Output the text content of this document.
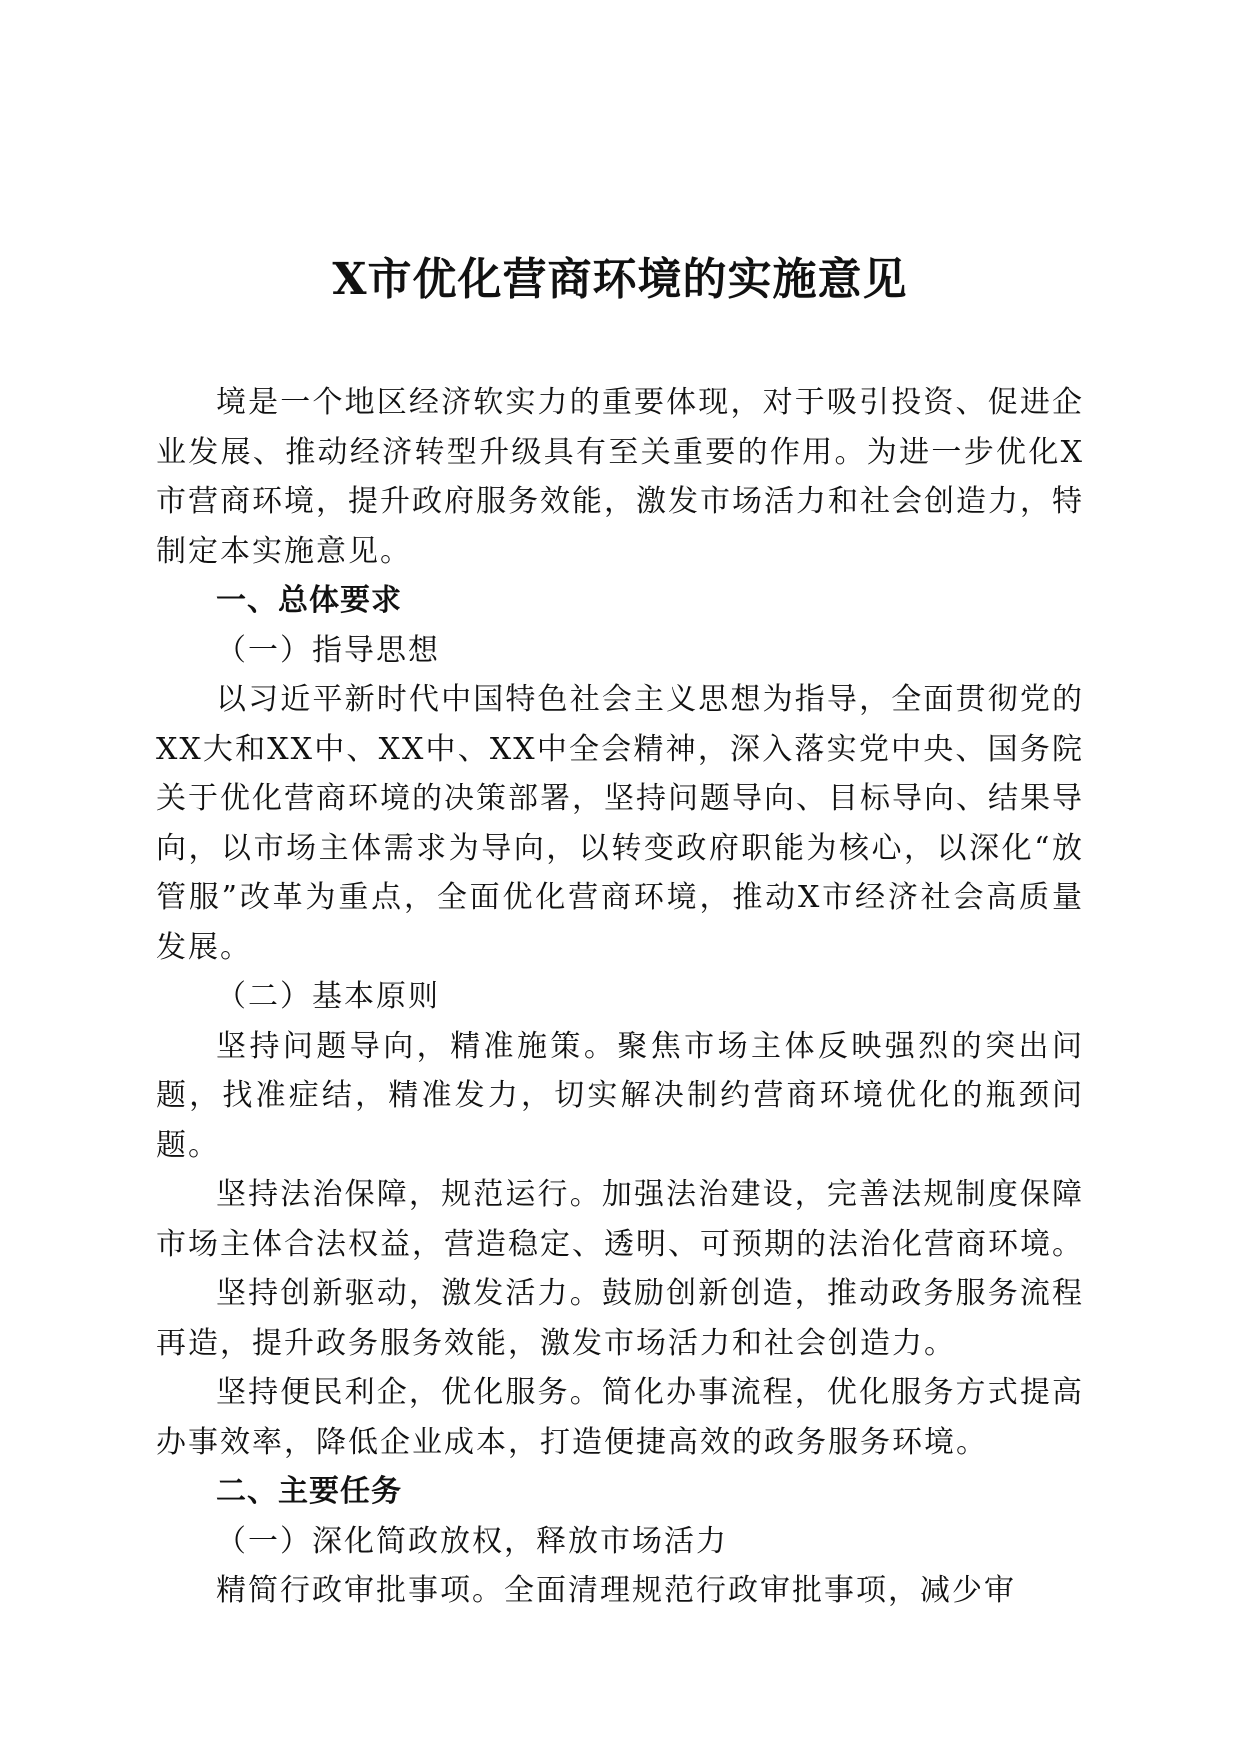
X市优化营商环境的实施意见

境是一个地区经济软实力的重要体现，对于吸引投资、促进企业发展、推动经济转型升级具有至关重要的作用。为进一步优化X市营商环境，提升政府服务效能，激发市场活力和社会创造力，特制定本实施意见。

一、总体要求

（一）指导思想

以习近平新时代中国特色社会主义思想为指导，全面贯彻党的XX大和XX中、XX中、XX中全会精神，深入落实党中央、国务院关于优化营商环境的决策部署，坚持问题导向、目标导向、结果导向，以市场主体需求为导向，以转变政府职能为核心，以深化“放管服”改革为重点，全面优化营商环境，推动X市经济社会高质量发展。

（二）基本原则

坚持问题导向，精准施策。聚焦市场主体反映强烈的突出问题，找准症结，精准发力，切实解决制约营商环境优化的瓶颈问题。

坚持法治保障，规范运行。加强法治建设，完善法规制度保障市场主体合法权益，营造稳定、透明、可预期的法治化营商环境。

坚持创新驱动，激发活力。鼓励创新创造，推动政务服务流程再造，提升政务服务效能，激发市场活力和社会创造力。

坚持便民利企，优化服务。简化办事流程，优化服务方式提高办事效率，降低企业成本，打造便捷高效的政务服务环境。

二、主要任务

（一）深化简政放权，释放市场活力

精简行政审批事项。全面清理规范行政审批事项，减少审
